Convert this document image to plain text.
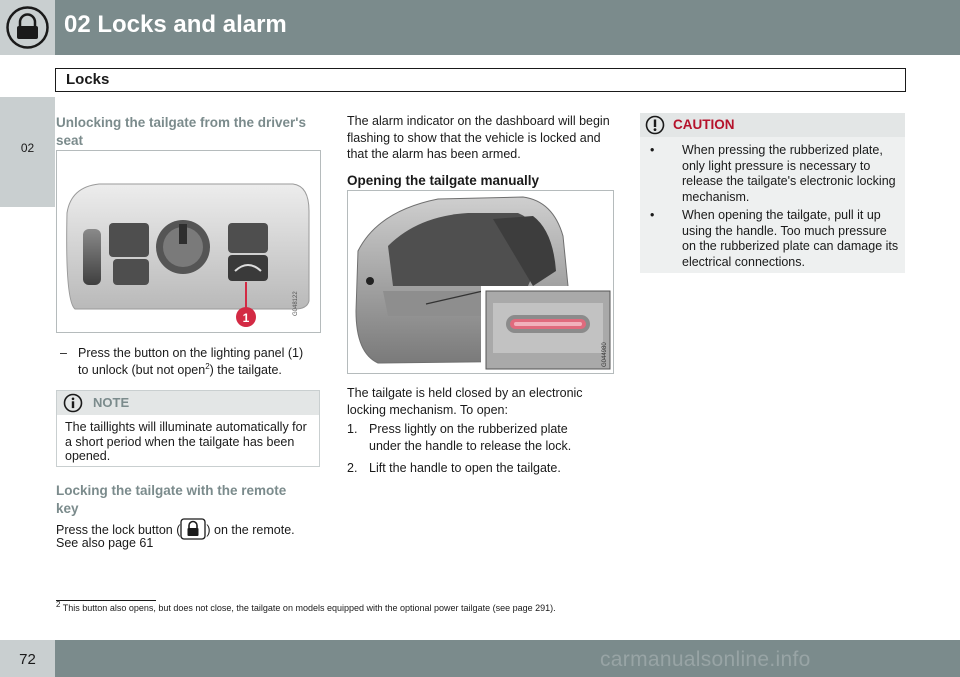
02 Locks and alarm
02
Locks
Unlocking the tailgate from the driver's
seat
1
G048122
– Press the button on the lighting panel (1)
to unlock (but not open$^2$) the tailgate.
NOTE
The taillights will illuminate automatically for a short period when the tailgate has been opened.
Locking the tailgate with the remote
key
Press the lock button ( ) on the remote.
See also page 61
The alarm indicator on the dashboard will begin flashing to show that the vehicle is locked and that the alarm has been armed.
Opening the tailgate manually
G044980
The tailgate is held closed by an electronic locking mechanism. To open:
1. Press lightly on the rubberized plate
under the handle to release the lock.
2. Lift the handle to open the tailgate.
CAUTION
•	When pressing the rubberized plate, only light pressure is necessary to release the tailgate's electronic locking mechanism.
•	When opening the tailgate, pull it up using the handle. Too much pressure on the rubberized plate can damage its electrical connections.
$^2$ This button also opens, but does not close, the tailgate on models equipped with the optional power tailgate (see page 291).
72	carmanualsonline.info
